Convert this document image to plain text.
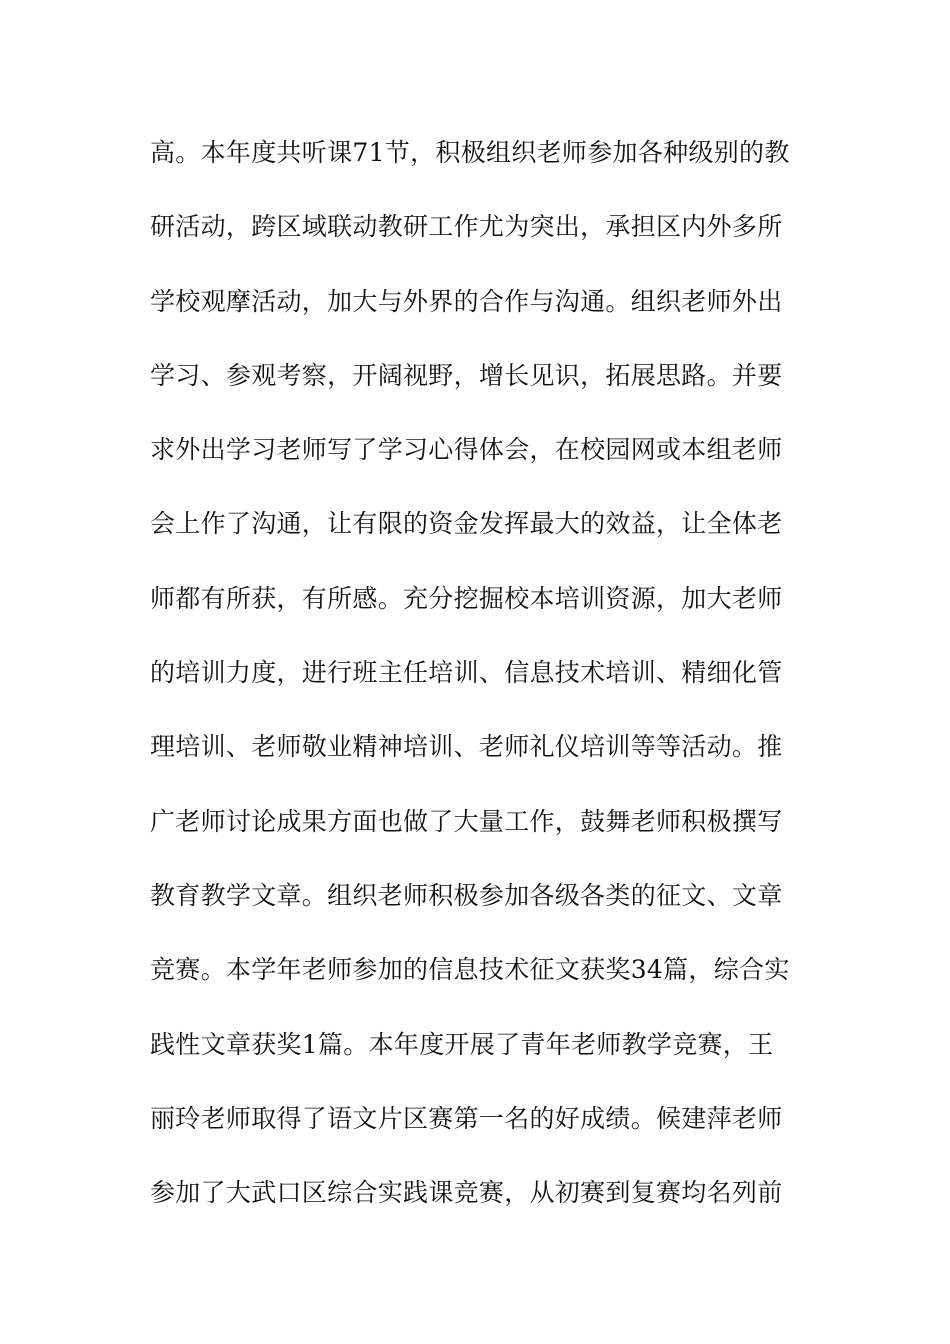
高。本年度共听课71节，积极组织老师参加各种级别的教
研活动，跨区域联动教研工作尤为突出，承担区内外多所
学校观摩活动，加大与外界的合作与沟通。组织老师外出
学习、参观考察，开阔视野，增长见识，拓展思路。并要
求外出学习老师写了学习心得体会，在校园网或本组老师
会上作了沟通，让有限的资金发挥最大的效益，让全体老
师都有所获，有所感。充分挖掘校本培训资源，加大老师
的培训力度，进行班主任培训、信息技术培训、精细化管
理培训、老师敬业精神培训、老师礼仪培训等等活动。推
广老师讨论成果方面也做了大量工作，鼓舞老师积极撰写
教育教学文章。组织老师积极参加各级各类的征文、文章
竞赛。本学年老师参加的信息技术征文获奖34篇，综合实
践性文章获奖1篇。本年度开展了青年老师教学竞赛，王
丽玲老师取得了语文片区赛第一名的好成绩。候建萍老师
参加了大武口区综合实践课竞赛，从初赛到复赛均名列前
